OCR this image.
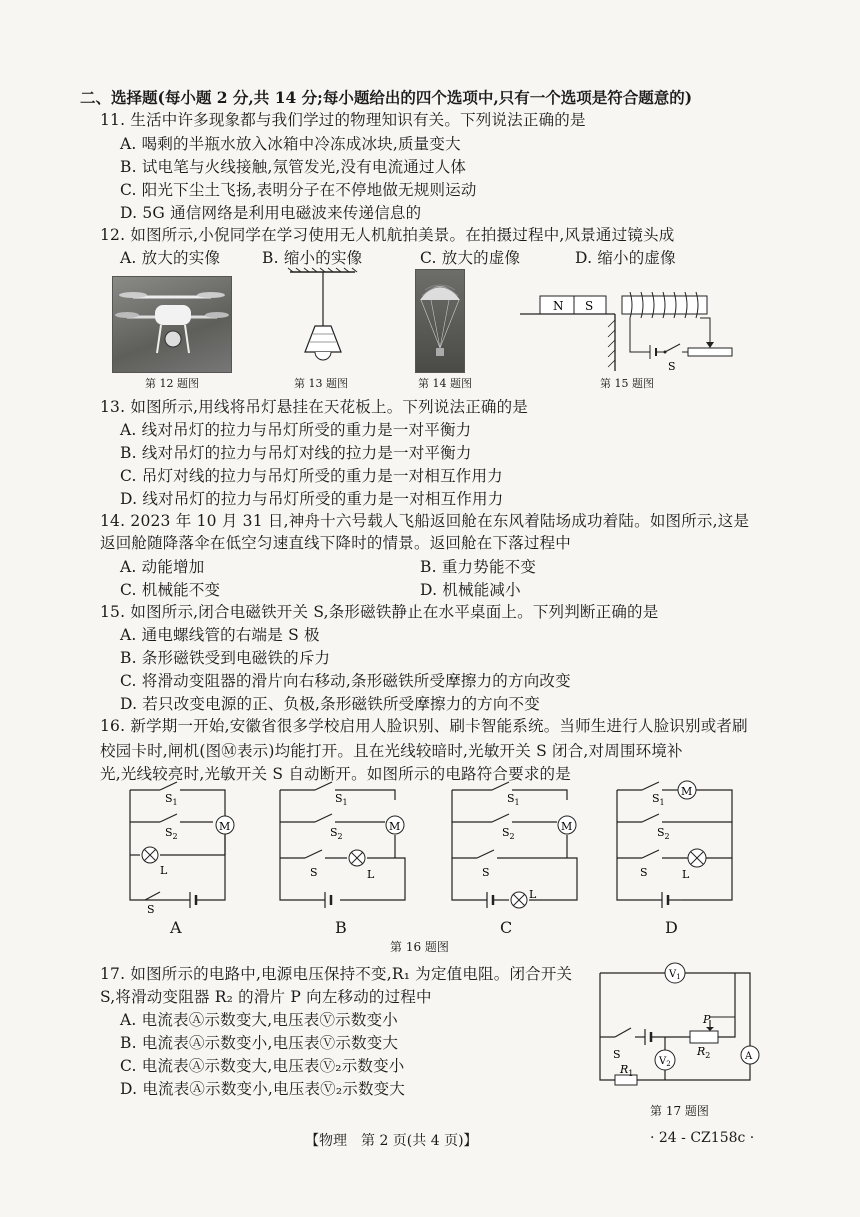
二、选择题(每小题 2 分,共 14 分;每小题给出的四个选项中,只有一个选项是符合题意的)
11. 生活中许多现象都与我们学过的物理知识有关。下列说法正确的是
A. 喝剩的半瓶水放入冰箱中冷冻成冰块,质量变大
B. 试电笔与火线接触,氖管发光,没有电流通过人体
C. 阳光下尘土飞扬,表明分子在不停地做无规则运动
D. 5G 通信网络是利用电磁波来传递信息的
12. 如图所示,小倪同学在学习使用无人机航拍美景。在拍摄过程中,风景通过镜头成
A. 放大的实像	B. 缩小的实像	C. 放大的虚像	D. 缩小的虚像
第 12 题图	第 13 题图	第 14 题图
N S
S
第 15 题图
13. 如图所示,用线将吊灯悬挂在天花板上。下列说法正确的是
A. 线对吊灯的拉力与吊灯所受的重力是一对平衡力
B. 线对吊灯的拉力与吊灯对线的拉力是一对平衡力
C. 吊灯对线的拉力与吊灯所受的重力是一对相互作用力
D. 线对吊灯的拉力与吊灯所受的重力是一对相互作用力
14. 2023 年 10 月 31 日,神舟十六号载人飞船返回舱在东风着陆场成功着陆。如图所示,这是
返回舱随降落伞在低空匀速直线下降时的情景。返回舱在下落过程中
A. 动能增加	B. 重力势能不变
C. 机械能不变	D. 机械能减小
15. 如图所示,闭合电磁铁开关 S,条形磁铁静止在水平桌面上。下列判断正确的是
A. 通电螺线管的右端是 S 极
B. 条形磁铁受到电磁铁的斥力
C. 将滑动变阻器的滑片向右移动,条形磁铁所受摩擦力的方向改变
D. 若只改变电源的正、负极,条形磁铁所受摩擦力的方向不变
16. 新学期一开始,安徽省很多学校启用人脸识别、刷卡智能系统。当师生进行人脸识别或者刷
校园卡时,闸机(图Ⓜ表示)均能打开。且在光线较暗时,光敏开关 S 闭合,对周围环境补
光,光线较亮时,光敏开关 S 自动断开。如图所示的电路符合要求的是
M
L
$S_1$
$S_2$
S
A
M
L
$S_1$
$S_2$
S
B
M
L
$S_1$
$S_2$
S
C
M
L
$S_1$
$S_2$
S
D
第 16 题图
17. 如图所示的电路中,电源电压保持不变,R₁ 为定值电阻。闭合开关
S,将滑动变阻器 R₂ 的滑片 P 向左移动的过程中
A. 电流表Ⓐ示数变大,电压表Ⓥ示数变小
B. 电流表Ⓐ示数变小,电压表Ⓥ示数变大
C. 电流表Ⓐ示数变大,电压表Ⓥ₂示数变小
D. 电流表Ⓐ示数变小,电压表Ⓥ₂示数变大
P
$R_2$
S
$V_1$
$V_2$
A
$R_1$
第 17 题图
【物理　第 2 页(共 4 页)】	· 24 - CZ158c ·
